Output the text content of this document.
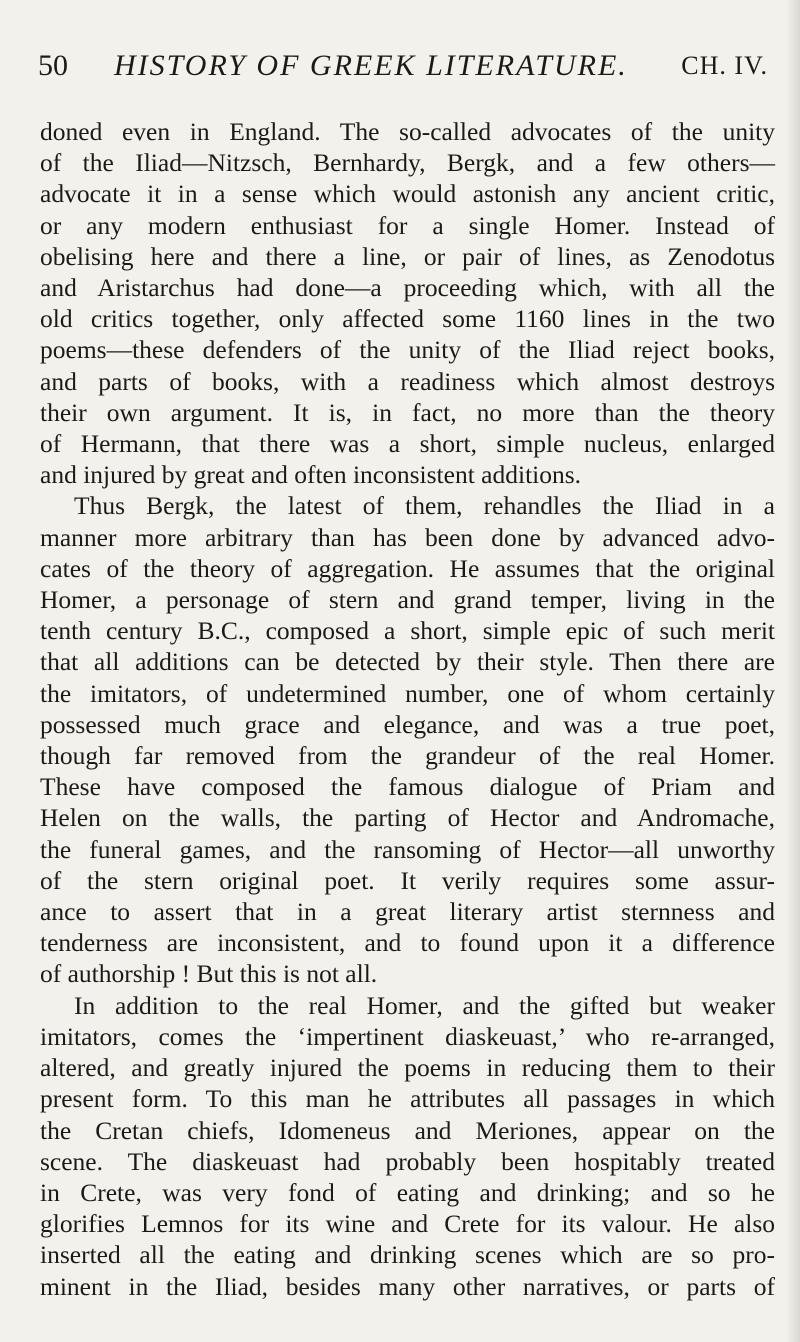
50 HISTORY OF GREEK LITERATURE. CH. IV.
doned even in England. The so-called advocates of the unity
of the Iliad—Nitzsch, Bernhardy, Bergk, and a few others—
advocate it in a sense which would astonish any ancient critic,
or any modern enthusiast for a single Homer. Instead of
obelising here and there a line, or pair of lines, as Zenodotus
and Aristarchus had done—a proceeding which, with all the
old critics together, only affected some 1160 lines in the two
poems—these defenders of the unity of the Iliad reject books,
and parts of books, with a readiness which almost destroys
their own argument. It is, in fact, no more than the theory
of Hermann, that there was a short, simple nucleus, enlarged
and injured by great and often inconsistent additions.
Thus Bergk, the latest of them, rehandles the Iliad in a
manner more arbitrary than has been done by advanced advo-
cates of the theory of aggregation. He assumes that the original
Homer, a personage of stern and grand temper, living in the
tenth century B.C., composed a short, simple epic of such merit
that all additions can be detected by their style. Then there are
the imitators, of undetermined number, one of whom certainly
possessed much grace and elegance, and was a true poet,
though far removed from the grandeur of the real Homer.
These have composed the famous dialogue of Priam and
Helen on the walls, the parting of Hector and Andromache,
the funeral games, and the ransoming of Hector—all unworthy
of the stern original poet. It verily requires some assur-
ance to assert that in a great literary artist sternness and
tenderness are inconsistent, and to found upon it a difference
of authorship ! But this is not all.
In addition to the real Homer, and the gifted but weaker
imitators, comes the ‘impertinent diaskeuast,’ who re-arranged,
altered, and greatly injured the poems in reducing them to their
present form. To this man he attributes all passages in which
the Cretan chiefs, Idomeneus and Meriones, appear on the
scene. The diaskeuast had probably been hospitably treated
in Crete, was very fond of eating and drinking; and so he
glorifies Lemnos for its wine and Crete for its valour. He also
inserted all the eating and drinking scenes which are so pro-
minent in the Iliad, besides many other narratives, or parts of
